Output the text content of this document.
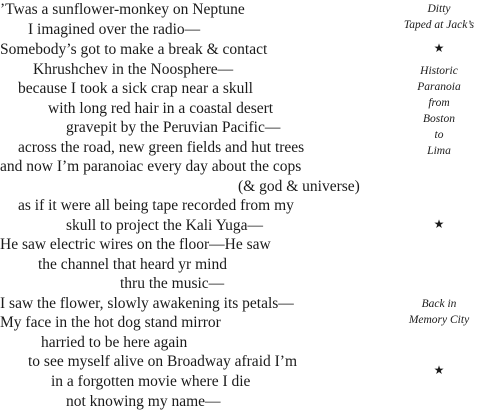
’Twas a sunflower-monkey on Neptune
I imagined over the radio—
Somebody’s got to make a break & contact
Khrushchev in the Noosphere—
because I took a sick crap near a skull
with long red hair in a coastal desert
gravepit by the Peruvian Pacific—
across the road, new green fields and hut trees
and now I’m paranoiac every day about the cops
(& god & universe)
as if it were all being tape recorded from my
skull to project the Kali Yuga—
He saw electric wires on the floor—He saw
the channel that heard yr mind
thru the music—
I saw the flower, slowly awakening its petals—
My face in the hot dog stand mirror
harried to be here again
to see myself alive on Broadway afraid I’m
in a forgotten movie where I die
not knowing my name—
Ditty
Taped at Jack’s
★
Historic
Paranoia
from
Boston
to
Lima
★
Back in
Memory City
★
